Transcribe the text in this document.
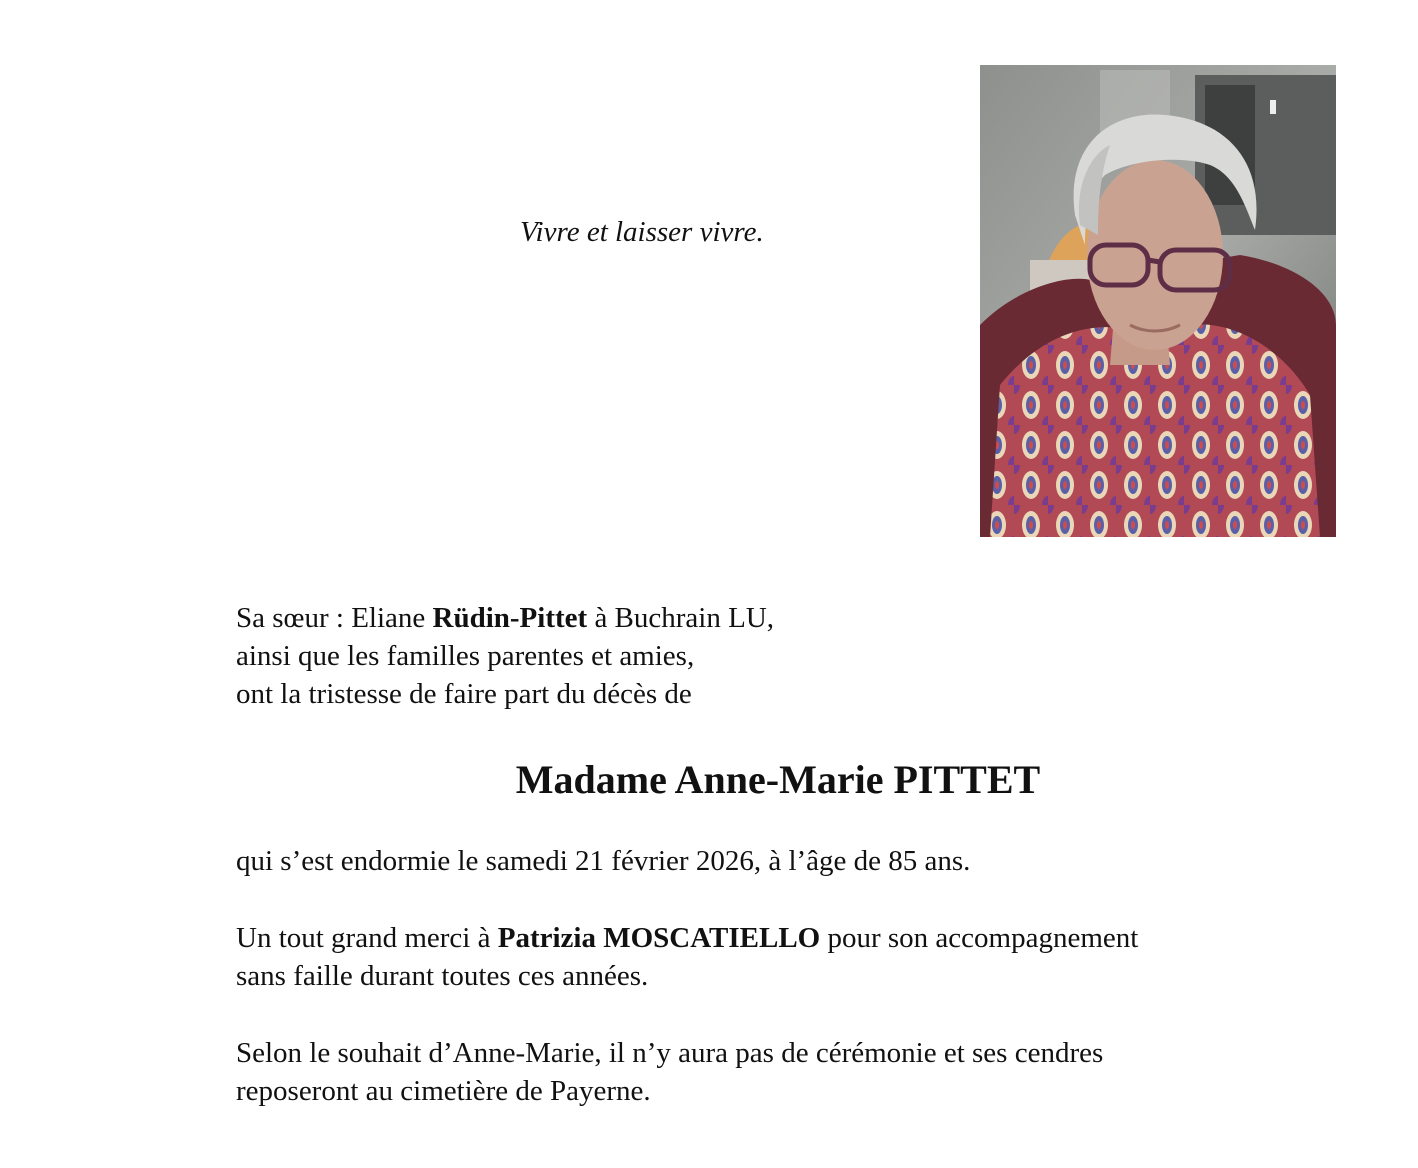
Vivre et laisser vivre.

Sa sœur : Eliane Rüdin-Pittet à Buchrain LU,

ainsi que les familles parentes et amies,

ont la tristesse de faire part du décès de

Madame Anne-Marie PITTET

qui s’est endormie le samedi 21 février 2026, à l’âge de 85 ans.

Un tout grand merci à Patrizia MOSCATIELLO pour son accompagnement

sans faille durant toutes ces années.

Selon le souhait d’Anne-Marie, il n’y aura pas de cérémonie et ses cendres

reposeront au cimetière de Payerne.
